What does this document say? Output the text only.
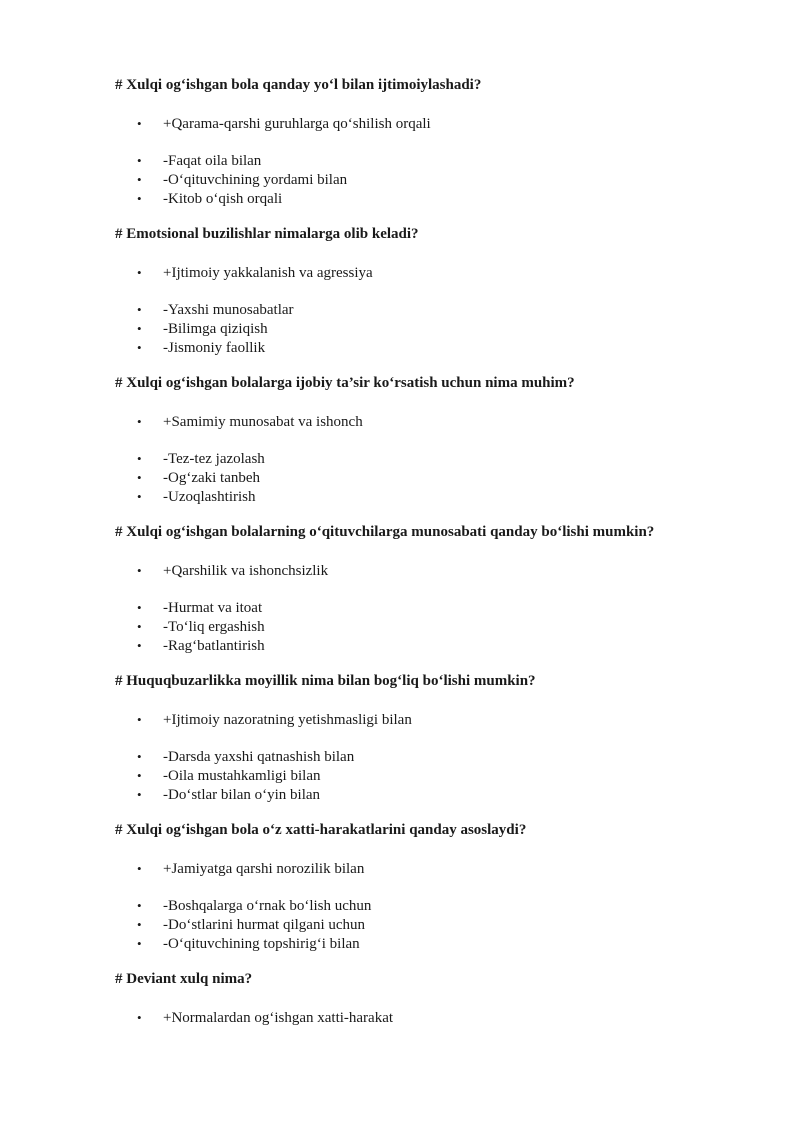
# Xulqi og‘ishgan bola qanday yo‘l bilan ijtimoiylashadi?
• +Qarama-qarshi guruhlarga qo‘shilish orqali
• -Faqat oila bilan
• -O‘qituvchining yordami bilan
• -Kitob o‘qish orqali
# Emotsional buzilishlar nimalarga olib keladi?
• +Ijtimoiy yakkalanish va agressiya
• -Yaxshi munosabatlar
• -Bilimga qiziqish
• -Jismoniy faollik
# Xulqi og‘ishgan bolalarga ijobiy ta’sir ko‘rsatish uchun nima muhim?
• +Samimiy munosabat va ishonch
• -Tez-tez jazolash
• -Og‘zaki tanbeh
• -Uzoqlashtirish
# Xulqi og‘ishgan bolalarning o‘qituvchilarga munosabati qanday bo‘lishi mumkin?
• +Qarshilik va ishonchsizlik
• -Hurmat va itoat
• -To‘liq ergashish
• -Rag‘batlantirish
# Huquqbuzarlikka moyillik nima bilan bog‘liq bo‘lishi mumkin?
• +Ijtimoiy nazoratning yetishmasligi bilan
• -Darsda yaxshi qatnashish bilan
• -Oila mustahkamligi bilan
• -Do‘stlar bilan o‘yin bilan
# Xulqi og‘ishgan bola o‘z xatti-harakatlarini qanday asoslaydi?
• +Jamiyatga qarshi norozilik bilan
• -Boshqalarga o‘rnak bo‘lish uchun
• -Do‘stlarini hurmat qilgani uchun
• -O‘qituvchining topshirig‘i bilan
# Deviant xulq nima?
• +Normalardan og‘ishgan xatti-harakat
